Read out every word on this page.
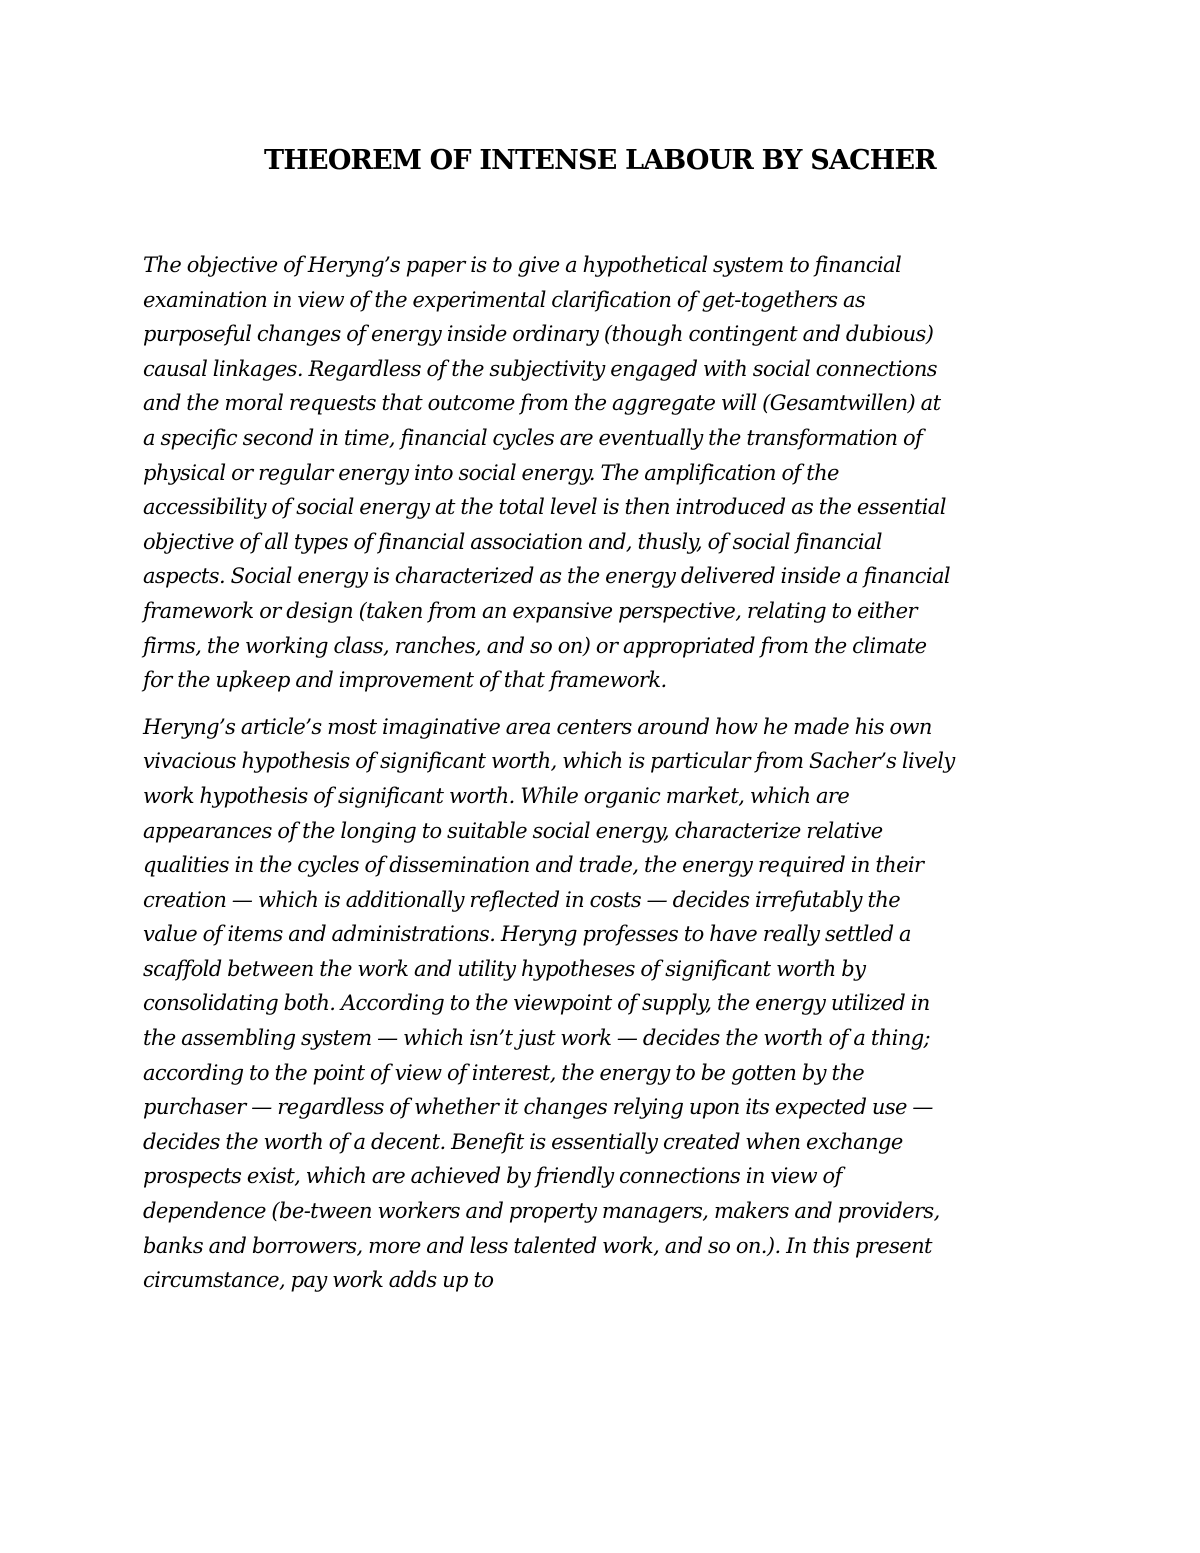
THEOREM OF INTENSE LABOUR BY SACHER

The objective of Heryng’s paper is to give a hypothetical system to financial
examination in view of the experimental clarification of get-togethers as
purposeful changes of energy inside ordinary (though contingent and dubious)
causal linkages. Regardless of the subjectivity engaged with social connections
and the moral requests that outcome from the aggregate will (Gesamtwillen) at
a specific second in time, financial cycles are eventually the transformation of
physical or regular energy into social energy. The amplification of the
accessibility of social energy at the total level is then introduced as the essential
objective of all types of financial association and, thusly, of social financial
aspects. Social energy is characterized as the energy delivered inside a financial
framework or design (taken from an expansive perspective, relating to either
firms, the working class, ranches, and so on) or appropriated from the climate
for the upkeep and improvement of that framework.

Heryng’s article’s most imaginative area centers around how he made his own
vivacious hypothesis of significant worth, which is particular from Sacher’s lively
work hypothesis of significant worth. While organic market, which are
appearances of the longing to suitable social energy, characterize relative
qualities in the cycles of dissemination and trade, the energy required in their
creation — which is additionally reflected in costs — decides irrefutably the
value of items and administrations. Heryng professes to have really settled a
scaffold between the work and utility hypotheses of significant worth by
consolidating both. According to the viewpoint of supply, the energy utilized in
the assembling system — which isn’t just work — decides the worth of a thing;
according to the point of view of interest, the energy to be gotten by the
purchaser — regardless of whether it changes relying upon its expected use —
decides the worth of a decent. Benefit is essentially created when exchange
prospects exist, which are achieved by friendly connections in view of
dependence (be-tween workers and property managers, makers and providers,
banks and borrowers, more and less talented work, and so on.). In this present
circumstance, pay work adds up to
